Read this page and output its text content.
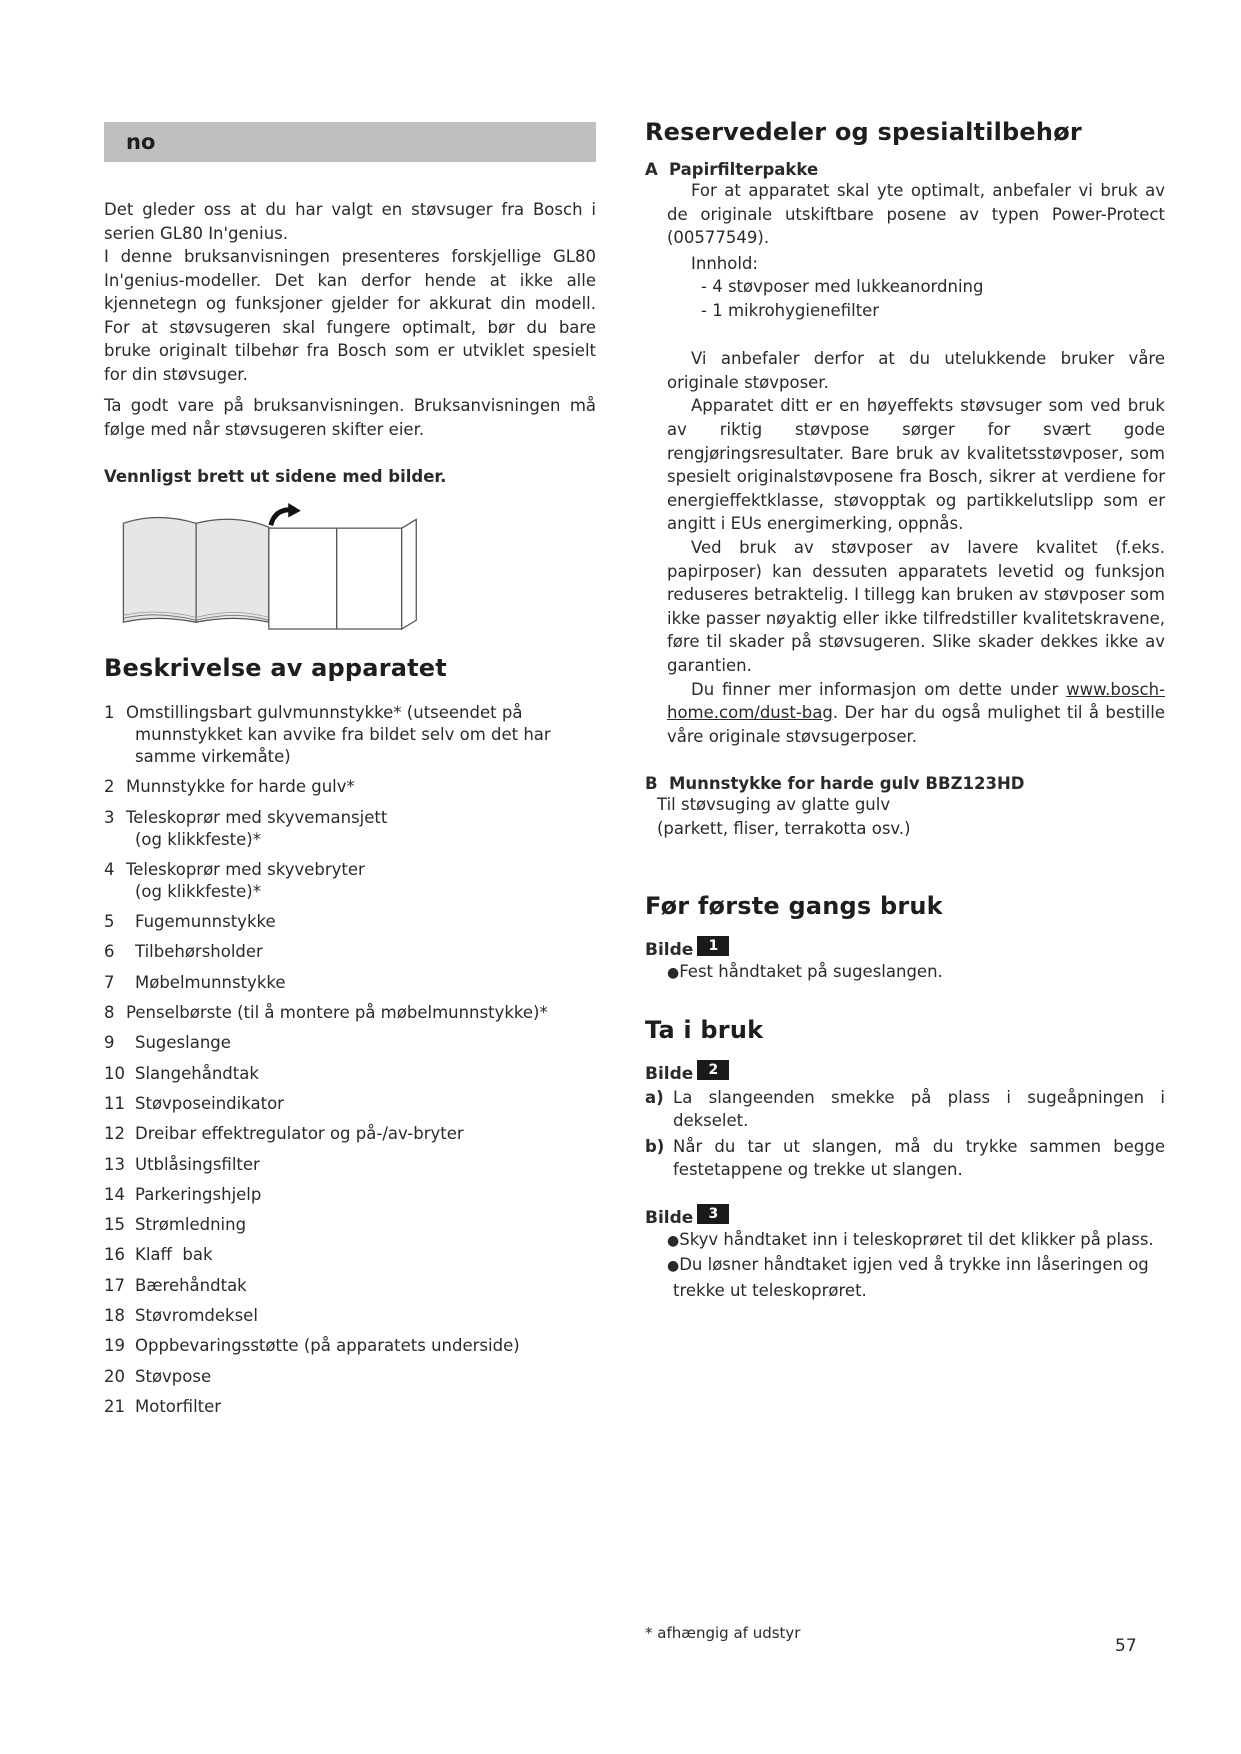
no

Det gleder oss at du har valgt en støvsuger fra Bosch i serien GL80 In'genius.

I denne bruksanvisningen presenteres forskjellige GL80 In'genius-modeller. Det kan derfor hende at ikke alle kjennetegn og funksjoner gjelder for akkurat din modell. For at støvsugeren skal fungere optimalt, bør du bare bruke originalt tilbehør fra Bosch som er utviklet spesielt for din støvsuger.

Ta godt vare på bruksanvisningen. Bruksanvisningen må følge med når støvsugeren skifter eier.

Vennligst brett ut sidene med bilder.
Beskrivelse av apparatet
1 Omstillingsbart gulvmunnstykke* (utseendet på
munnstykket kan avvike fra bildet selv om det har samme virkemåte)
2 Munnstykke for harde gulv*
3 Teleskoprør med skyvemansjett
(og klikkfeste)*
4 Teleskoprør med skyvebryter
(og klikkfeste)*
5	Fugemunnstykke
6	Tilbehørsholder
7	Møbelmunnstykke
8 Penselbørste (til å montere på møbelmunnstykke)*
9	Sugeslange
10 Slangehåndtak
11 Støvposeindikator
12 Dreibar effektregulator og på-/av-bryter
13 Utblåsingsfilter
14 Parkeringshjelp
15 Strømledning
16 Klaff  bak
17 Bærehåndtak
18 Støvromdeksel
19 Oppbevaringsstøtte (på apparatets underside)
20 Støvpose
21 Motorfilter
Reservedeler og spesialtilbehør
A Papirfilterpakke

For at apparatet skal yte optimalt, anbefaler vi bruk av de originale utskiftbare posene av typen Power-Protect (00577549).

Innhold:
- 4 støvposer med lukkeanordning
- 1 mikrohygienefilter

Vi anbefaler derfor at du utelukkende bruker våre originale støvposer.

Apparatet ditt er en høyeffekts støvsuger som ved bruk av riktig støvpose sørger for svært gode rengjøringsresultater. Bare bruk av kvalitetsstøvposer, som spesielt originalstøvposene fra Bosch, sikrer at verdiene for energieffektklasse, støvopptak og partikkelutslipp som er angitt i EUs energimerking, oppnås.

Ved bruk av støvposer av lavere kvalitet (f.eks. papirposer) kan dessuten apparatets levetid og funksjon reduseres betraktelig. I tillegg kan bruken av støvposer som ikke passer nøyaktig eller ikke tilfredstiller kvalitetskravene, føre til skader på støvsugeren. Slike skader dekkes ikke av garantien.

Du finner mer informasjon om dette under www.bosch-home.com/dust-bag. Der har du også mulighet til å bestille våre originale støvsugerposer.

B Munnstykke for harde gulv BBZ123HD
Til støvsuging av glatte gulv
(parkett, fliser, terrakotta osv.)
Før første gangs bruk
Bilde	1
●Fest håndtaket på sugeslangen.
Ta i bruk
Bilde	2
a) La slangeenden smekke på plass i sugeåpningen i dekselet.
b) Når du tar ut slangen, må du trykke sammen begge festetappene og trekke ut slangen.
Bilde	3
●Skyv håndtaket inn i teleskoprøret til det klikker på plass.
●Du løsner håndtaket igjen ved å trykke inn låseringen og trekke ut teleskoprøret.
* afhængig af udstyr
57
